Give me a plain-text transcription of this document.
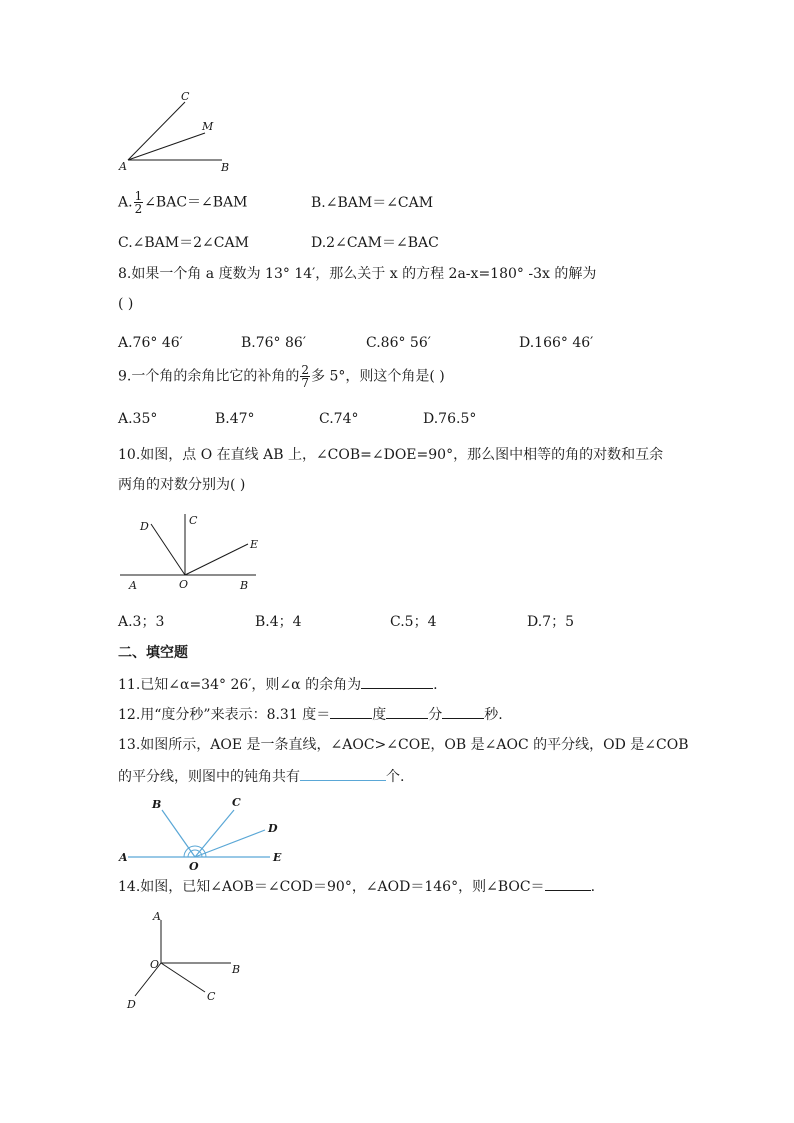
C
M
A	B
A. $\frac{1}{2}$ ∠BAC＝∠BAM	B.∠BAM＝∠CAM
C.∠BAM＝2∠CAM	D.2∠CAM＝∠BAC
8.如果一个角 a 度数为 13° 14′，那么关于 x 的方程 2a-x=180° -3x 的解为
( )
A.76° 46′	B.76° 86′	C.86° 56′	D.166° 46′
9.一个角的余角比它的补角的 $\frac{2}{7}$ 多 5°，则这个角是( )
A.35°	B.47°	C.74°	D.76.5°
10.如图，点 O 在直线 AB 上，∠COB=∠DOE=90°，那么图中相等的角的对数和互余
两角的对数分别为( )
D	C
E
A	O	B
A.3；3	B.4；4	C.5；4	D.7；5
二、填空题
11.已知∠α=34° 26′，则∠α 的余角为	.
12.用“度分秒”来表示：8.31 度＝	度	分	秒.
13.如图所示，AOE 是一条直线，∠AOC>∠COE，OB 是∠AOC 的平分线，OD 是∠COB
的平分线，则图中的钝角共有	个.
B	C
D
A
O
E
14.如图，已知∠AOB＝∠COD＝90°，∠AOD＝146°，则∠BOC＝	.
A
O	B
D
C
